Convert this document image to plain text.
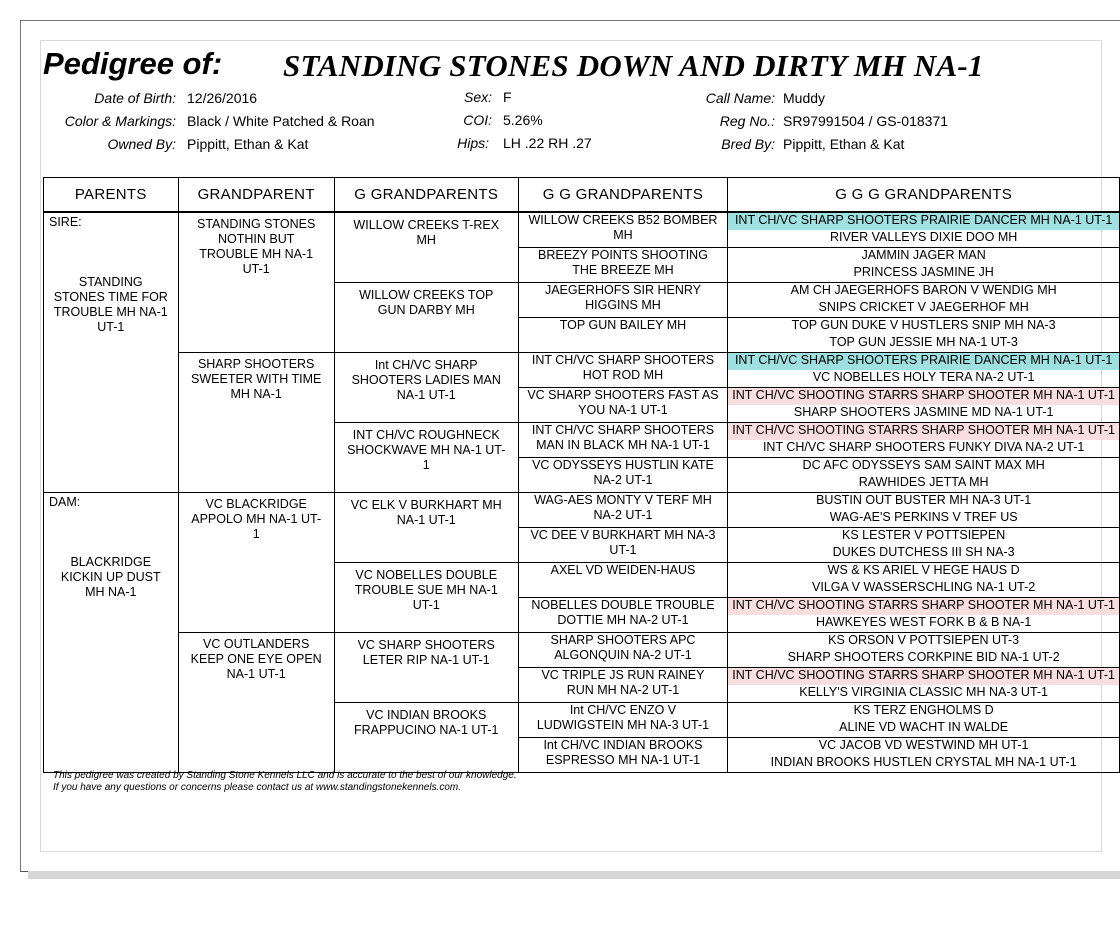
Pedigree of: STANDING STONES DOWN AND DIRTY MH NA-1
Date of Birth: 12/26/2016
Color & Markings: Black / White Patched & Roan
Owned By: Pippitt, Ethan & Kat
Sex: F
COI: 5.26%
Hips: LH .22 RH .27
Call Name: Muddy
Reg No.: SR97991504 / GS-018371
Bred By: Pippitt, Ethan & Kat
PARENTS	GRANDPARENT	G GRANDPARENTS	G G GRANDPARENTS	G G G GRANDPARENTS

SIRE:
STANDING STONES TIME FOR TROUBLE MH NA-1 UT-1	STANDING STONES NOTHIN BUT TROUBLE MH NA-1 UT-1	WILLOW CREEKS T-REX MH	WILLOW CREEKS B52 BOMBER MH	INT CH/VC SHARP SHOOTERS PRAIRIE DANCER MH NA-1 UT-1
RIVER VALLEYS DIXIE DOO MH

			BREEZY POINTS SHOOTING THE BREEZE MH	JAMMIN JAGER MAN
PRINCESS JASMINE JH

		WILLOW CREEKS TOP GUN DARBY MH	JAEGERHOFS SIR HENRY HIGGINS MH	AM CH JAEGERHOFS BARON V WENDIG MH
SNIPS CRICKET V JAEGERHOF MH

			TOP GUN BAILEY MH	TOP GUN DUKE V HUSTLERS SNIP MH NA-3
TOP GUN JESSIE MH NA-1 UT-3

	SHARP SHOOTERS SWEETER WITH TIME MH NA-1	Int CH/VC SHARP SHOOTERS LADIES MAN NA-1 UT-1	INT CH/VC SHARP SHOOTERS HOT ROD MH	INT CH/VC SHARP SHOOTERS PRAIRIE DANCER MH NA-1 UT-1
VC NOBELLES HOLY TERA NA-2 UT-1

			VC SHARP SHOOTERS FAST AS YOU NA-1 UT-1	INT CH/VC SHOOTING STARRS SHARP SHOOTER MH NA-1 UT-1
SHARP SHOOTERS JASMINE MD NA-1 UT-1

		INT CH/VC ROUGHNECK SHOCKWAVE MH NA-1 UT-1	INT CH/VC SHARP SHOOTERS MAN IN BLACK MH NA-1 UT-1	INT CH/VC SHOOTING STARRS SHARP SHOOTER MH NA-1 UT-1
INT CH/VC SHARP SHOOTERS FUNKY DIVA NA-2 UT-1

			VC ODYSSEYS HUSTLIN KATE NA-2 UT-1	DC AFC ODYSSEYS SAM SAINT MAX MH
RAWHIDES JETTA MH

DAM:
BLACKRIDGE KICKIN UP DUST MH NA-1	VC BLACKRIDGE APPOLO MH NA-1 UT-1	VC ELK V BURKHART MH NA-1 UT-1	WAG-AES MONTY V TERF MH NA-2 UT-1	BUSTIN OUT BUSTER MH NA-3 UT-1
WAG-AE'S PERKINS V TREF US

			VC DEE V BURKHART MH NA-3 UT-1	KS LESTER V POTTSIEPEN
DUKES DUTCHESS III SH NA-3

		VC NOBELLES DOUBLE TROUBLE SUE MH NA-1 UT-1	AXEL VD WEIDEN-HAUS	WS & KS ARIEL V HEGE HAUS D
VILGA V WASSERSCHLING NA-1 UT-2

			NOBELLES DOUBLE TROUBLE DOTTIE MH NA-2 UT-1	INT CH/VC SHOOTING STARRS SHARP SHOOTER MH NA-1 UT-1
HAWKEYES WEST FORK B & B NA-1

	VC OUTLANDERS KEEP ONE EYE OPEN NA-1 UT-1	VC SHARP SHOOTERS LETER RIP NA-1 UT-1	SHARP SHOOTERS APC ALGONQUIN NA-2 UT-1	KS ORSON V POTTSIEPEN UT-3
SHARP SHOOTERS CORKPINE BID NA-1 UT-2

			VC TRIPLE JS RUN RAINEY RUN MH NA-2 UT-1	INT CH/VC SHOOTING STARRS SHARP SHOOTER MH NA-1 UT-1
KELLY'S VIRGINIA CLASSIC MH NA-3 UT-1

		VC INDIAN BROOKS FRAPPUCINO NA-1 UT-1	Int CH/VC ENZO V LUDWIGSTEIN MH NA-3 UT-1	KS TERZ ENGHOLMS D
ALINE VD WACHT IN WALDE

			Int CH/VC INDIAN BROOKS ESPRESSO MH NA-1 UT-1	VC JACOB VD WESTWIND MH UT-1
INDIAN BROOKS HUSTLEN CRYSTAL MH NA-1 UT-1
This pedigree was created by Standing Stone Kennels LLC and is accurate to the best of our knowledge.
If you have any questions or concerns please contact us at www.standingstonekennels.com.
